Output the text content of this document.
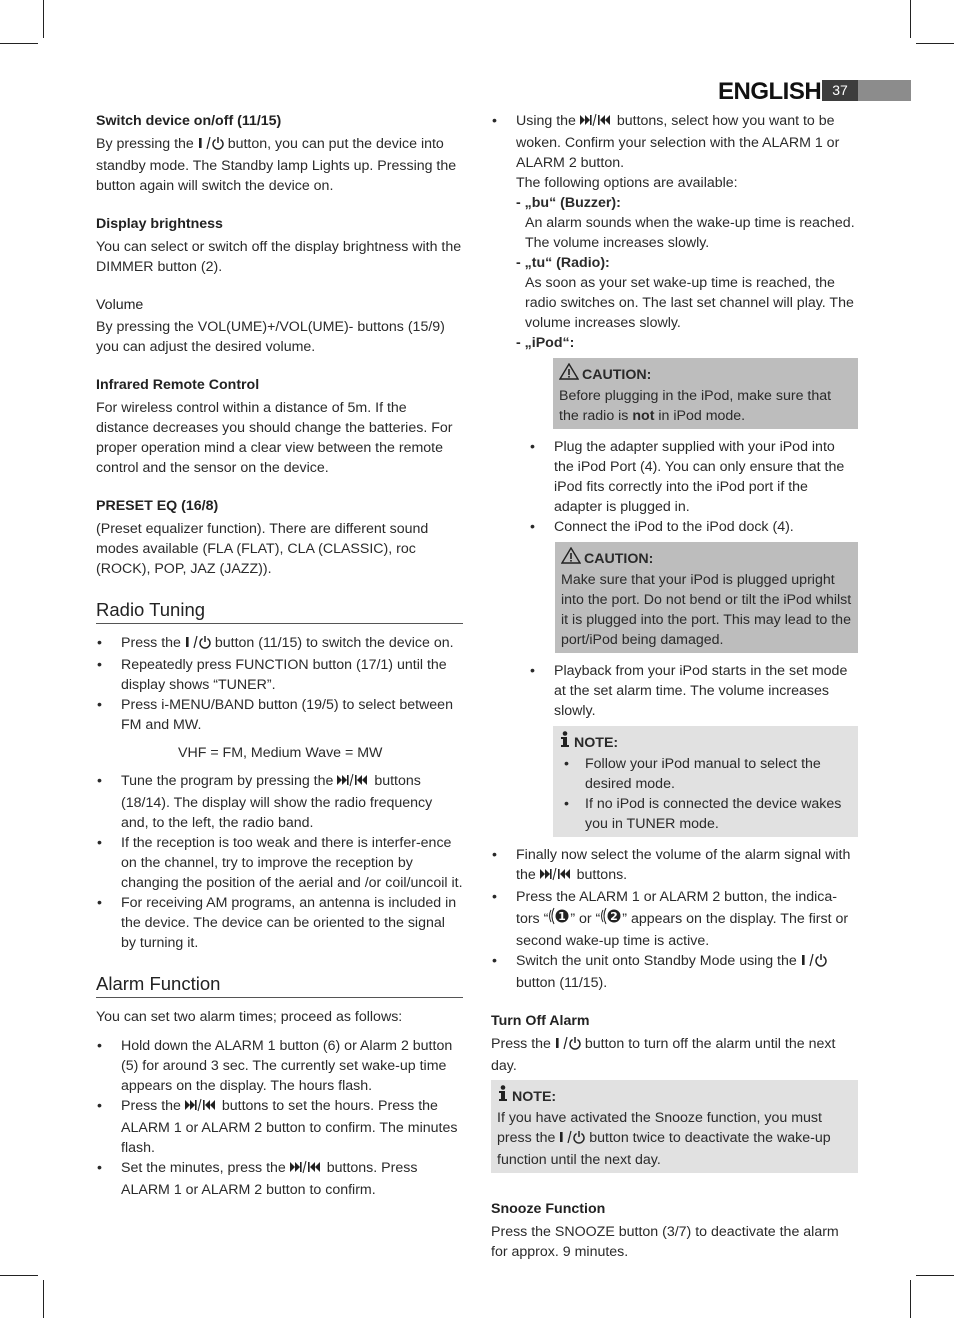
ENGLISH 37
Switch device on/off (11/15)

By pressing the button, you can put the device into standby mode. The Standby lamp Lights up. Pressing the button again will switch the device on.

Display brightness

You can select or switch off the display brightness with the DIMMER button (2).

Volume

By pressing the VOL(UME)+/VOL(UME)- buttons (15/9) you can adjust the desired volume.

Infrared Remote Control

For wireless control within a distance of 5m. If the distance decreases you should change the batteries. For proper operation mind a clear view between the remote control and the sensor on the device.

PRESET EQ (16/8)

(Preset equalizer function). There are different sound modes available (FLA (FLAT), CLA (CLASSIC), roc (ROCK), POP, JAZ (JAZZ)).

Radio Tuning
• Press the button (11/15) to switch the device on.
• Repeatedly press FUNCTION button (17/1) until the display shows “TUNER”.
• Press i-MENU/BAND button (19/5) to select between FM and MW.
VHF = FM, Medium Wave = MW
• Tune the program by pressing the	buttons (18/14). The display will show the radio frequency and, to the left, the radio band.
• If the reception is too weak and there is interfer-ence on the channel, try to improve the reception by changing the position of the aerial and /or coil/uncoil it.
• For receiving AM programs, an antenna is included in the device. The device can be oriented to the signal by turning it.
Alarm Function

You can set two alarm times; proceed as follows:

• Hold down the ALARM 1 button (6) or Alarm 2 button (5) for around 3 sec. The currently set wake-up time appears on the display. The hours flash.
• Press the	buttons to set the hours. Press the ALARM 1 or ALARM 2 button to confirm. The minutes flash.
• Set the minutes, press the	buttons. Press ALARM 1 or ALARM 2 button to confirm.
• Using the	buttons, select how you want to be woken. Confirm your selection with the ALARM 1 or ALARM 2 button.
The following options are available:
- „bu“ (Buzzer):
An alarm sounds when the wake-up time is reached. The volume increases slowly.
- „tu“ (Radio):
As soon as your set wake-up time is reached, the radio switches on. The last set channel will play. The volume increases slowly.
- „iPod“:
CAUTION:
Before plugging in the iPod, make sure that the radio is not in iPod mode.
• Plug the adapter supplied with your iPod into the iPod Port (4). You can only ensure that the iPod fits correctly into the iPod port if the adapter is plugged in.
• Connect the iPod to the iPod dock (4).
CAUTION:
Make sure that your iPod is plugged upright into the port. Do not bend or tilt the iPod whilst it is plugged into the port. This may lead to the port/iPod being damaged.
• Playback from your iPod starts in the set mode at the set alarm time. The volume increases slowly.
NOTE:
• Follow your iPod manual to select the desired mode.
• If no iPod is connected the device wakes you in TUNER mode.
• Finally now select the volume of the alarm signal with the	buttons.
• Press the ALARM 1 or ALARM 2 button, the indica-tors “ 1 ” or “ 2 ” appears on the display. The first or second wake-up time is active.
• Switch the unit onto Standby Mode using the  button (11/15).
Turn Off Alarm

Press the button to turn off the alarm until the next day.

NOTE:
If you have activated the Snooze function, you must press the button twice to deactivate the wake-up function until the next day.
Snooze Function

Press the SNOOZE button (3/7) to deactivate the alarm for approx. 9 minutes.
